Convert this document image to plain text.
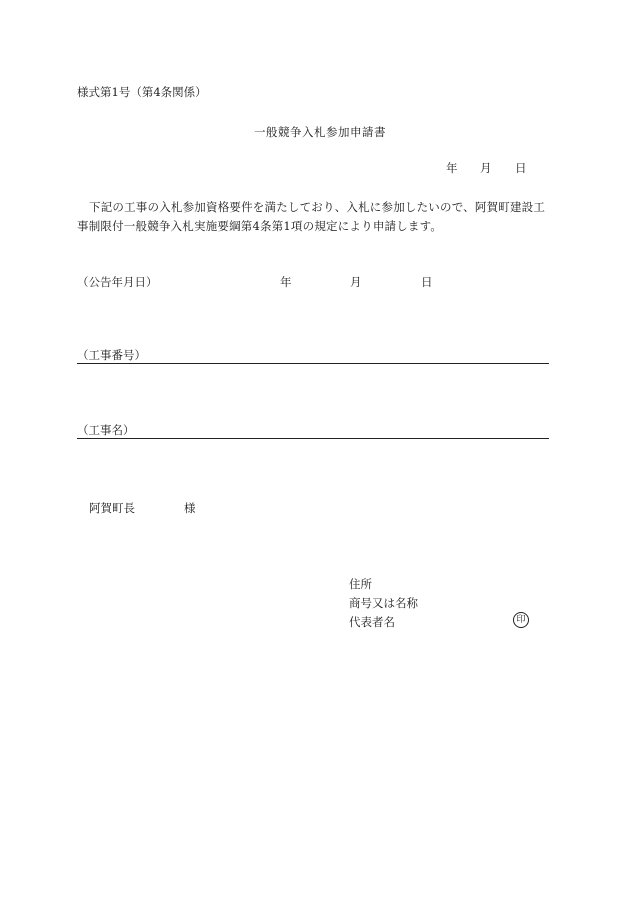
様式第1号（第4条関係）
一般競争入札参加申請書
年 月 日
下記の工事の入札参加資格要件を満たしており、入札に参加したいので、阿賀町建設工事制限付一般競争入札実施要綱第4条第1項の規定により申請します。
（公告年月日）	年	月	日
（工事番号）
（工事名）
阿賀町長	様
住所
商号又は名称
代表者名	印
